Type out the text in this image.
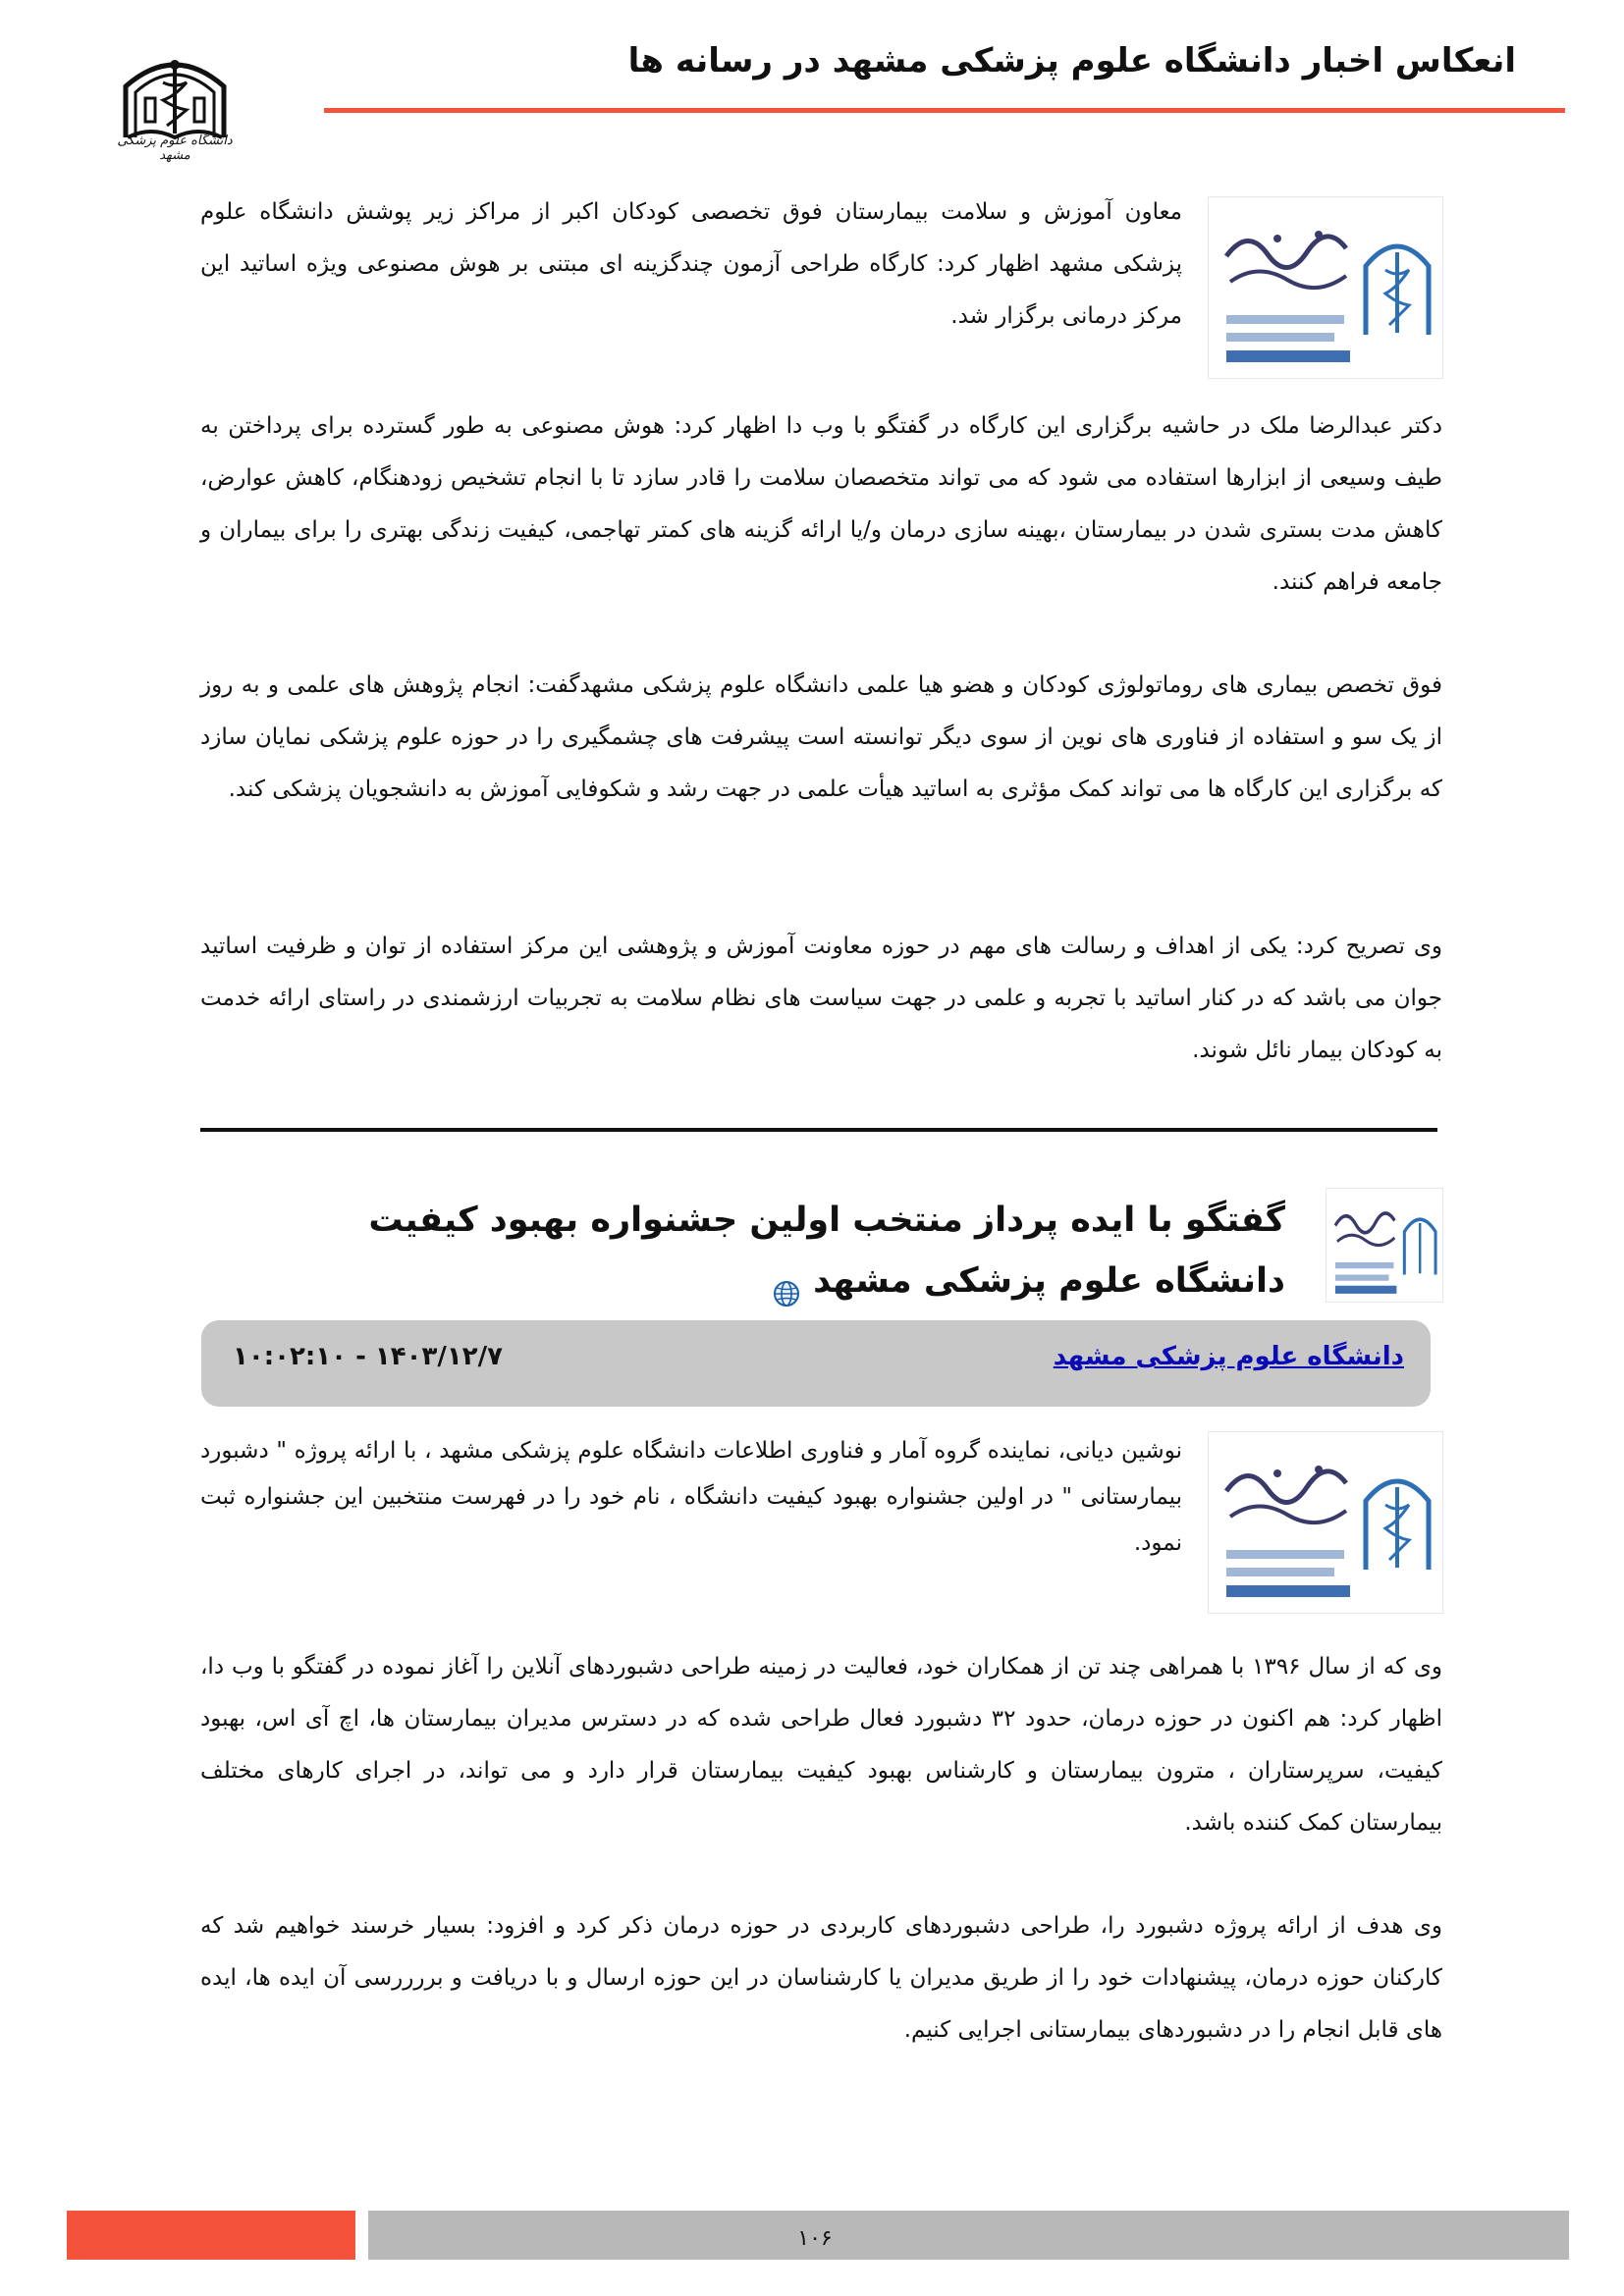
انعکاس اخبار دانشگاه علوم پزشکی مشهد در رسانه ها
دانشگاه علوم پزشکی مشهد
معاون آموزش و سلامت بیمارستان فوق تخصصی کودکان اکبر از مراکز زیر پوشش دانشگاه علوم پزشکی مشهد اظهار کرد: کارگاه طراحی آزمون چندگزینه ای مبتنی بر هوش مصنوعی ویژه اساتید این مرکز درمانی برگزار شد.
دکتر عبدالرضا ملک در حاشیه برگزاری این کارگاه در گفتگو با وب دا اظهار کرد: هوش مصنوعی به طور گسترده برای پرداختن به طیف وسیعی از ابزارها استفاده می شود که می تواند متخصصان سلامت را قادر سازد تا با انجام تشخیص زودهنگام، کاهش عوارض، کاهش مدت بستری شدن در بیمارستان ،بهینه سازی درمان و/یا ارائه گزینه های کمتر تهاجمی، کیفیت زندگی بهتری را برای بیماران و جامعه فراهم کنند.
فوق تخصص بیماری های روماتولوژی کودکان و هضو هیا علمی دانشگاه علوم پزشکی مشهدگفت: انجام پژوهش های علمی و به روز از یک سو و استفاده از فناوری های نوین از سوی دیگر توانسته است پیشرفت های چشمگیری را در حوزه علوم پزشکی نمایان سازد که برگزاری این کارگاه ها می تواند کمک مؤثری به اساتید هیأت علمی در جهت رشد و شکوفایی آموزش به دانشجویان پزشکی کند.
وی تصریح کرد: یکی از اهداف و رسالت های مهم در حوزه معاونت آموزش و پژوهشی این مرکز استفاده از توان و ظرفیت اساتید جوان می باشد که در کنار اساتید با تجربه و علمی در جهت سیاست های نظام سلامت به تجربیات ارزشمندی در راستای ارائه خدمت به کودکان بیمار نائل شوند.
گفتگو با ایده پرداز منتخب اولین جشنواره بهبود کیفیت دانشگاه علوم پزشکی مشهد
دانشگاه علوم پزشکی مشهد
۱۴۰۳/۱۲/۷ - ۱۰:۰۲:۱۰
نوشین دیانی، نماینده گروه آمار و فناوری اطلاعات دانشگاه علوم پزشکی مشهد ، با ارائه پروژه " دشبورد بیمارستانی " در اولین جشنواره بهبود کیفیت دانشگاه ، نام خود را در فهرست منتخبین این جشنواره ثبت نمود.
وی که از سال ۱۳۹۶ با همراهی چند تن از همکاران خود، فعالیت در زمینه طراحی دشبوردهای آنلاین را آغاز نموده در گفتگو با وب دا، اظهار کرد: هم اکنون در حوزه درمان، حدود ۳۲ دشبورد فعال طراحی شده که در دسترس مدیران بیمارستان ها، اچ آی اس، بهبود کیفیت، سرپرستاران ، مترون بیمارستان و کارشناس بهبود کیفیت بیمارستان قرار دارد و می تواند، در اجرای کارهای مختلف بیمارستان کمک کننده باشد.
وی هدف از ارائه پروژه دشبورد را، طراحی دشبوردهای کاربردی در حوزه درمان ذکر کرد و افزود: بسیار خرسند خواهیم شد که کارکنان حوزه درمان، پیشنهادات خود را از طریق مدیران یا کارشناسان در این حوزه ارسال و با دریافت و بررررسی آن ایده ها، ایده های قابل انجام را در دشبوردهای بیمارستانی اجرایی کنیم.
۱۰۶
